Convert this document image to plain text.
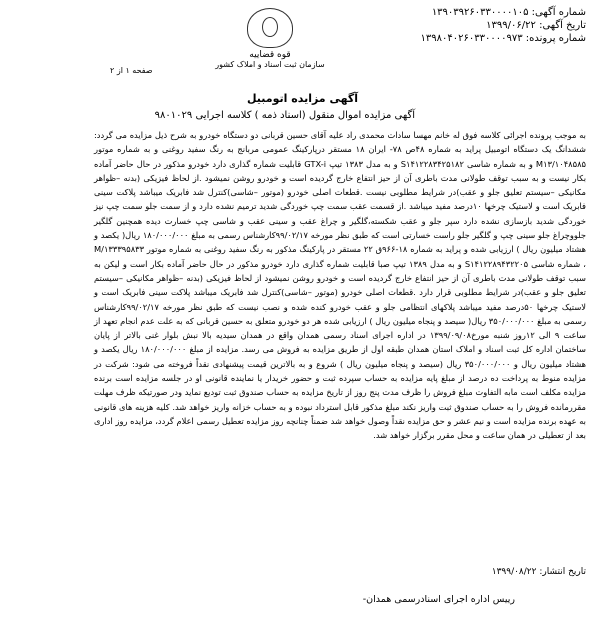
شماره آگهی: ۱۳۹۰۳۹۲۶۰۳۳۰۰۰۰۱۰۵
تاریخ آگهی: ۱۳۹۹/۰۶/۲۲
شماره پرونده: ۱۳۹۸۰۴۰۲۶۰۳۳۰۰۰۰۹۷۳
قوه قضاییه
سازمان ثبت اسناد و املاک کشور
صفحه ۱ از ۲
آگهی مزایده اتومبیل
آگهی مزایده اموال منقول (اسناد ذمه ) کلاسه اجرایی ۹۸۰۱۰۲۹
به موجب پرونده اجرائی کلاسه فوق له خانم مهسا سادات محمدی راد علیه آقای حسین قربانی دو دستگاه خودرو به شرح ذیل مزایده می گردد: ششدانگ یک دستگاه اتومبیل پراید به شماره ۴۸ص ۷۸- ایران ۱۸ مستقر درپارکینگ عمومی مربانج به رنگ سفید روغنی و به شماره موتور M۱۳/۱۰۴۸۵۸۵ و به شماره شاسی S۱۴۱۲۲۸۳۴۲۵۱۸۲ و به مدل ۱۳۸۳ تیپ GTX-i قابلیت شماره گذاری دارد خودرو مذکور در حال حاضر آماده بکار نیست و به سبب توقف طولانی مدت باطری آن از حیز انتفاع خارج گردیده است و خودرو روشن نمیشود .از لحاظ فیزیکی (بدنه –ظواهر مکانیکی –سیستم تعلیق جلو و عقب)در شرایط مطلوبی نیست .قطعات اصلی خودرو (موتور –شاسی)کنترل شد فابریک میباشد پلاکت سینی فابریک است و لاستیک چرخها ۱۰درصد مفید میباشد .از قسمت عقب سمت چپ خوردگی شدید ترمیم نشده دارد و از سمت جلو سمت چپ نیز خوردگی شدید بازسازی نشده دارد سپر جلو و عقب شکسته،گلگیر و چراغ عقب و سینی عقب و شاسی چپ خسارت دیده همچنین گلگیر جلووچراغ جلو سینی چپ و گلگیر جلو راست خسارتی است که طبق نظر مورخه ۹۹/۰۲/۱۷کارشناس رسمی به مبلغ ۱۸۰/۰۰۰/۰۰۰ ریال( یکصد و هشتاد میلیون ریال ) ارزیابی شده و پراید به شماره ۱۸-۹۶۶ق ۲۲ مستقر در پارکینگ مذکور به رنگ سفید روغنی به شماره موتور M/۱۳۳۳۹۵۸۳۳ ، شماره شاسی S۱۴۱۲۲۸۹۴۳۲۲۰۵ و به مدل ۱۳۸۹ تیپ صبا قابلیت شماره گذاری دارد خودرو مذکور در حال حاضر آماده بکار است و لیکن به سبب توقف طولانی مدت باطری آن از حیز انتفاع خارج گردیده است و خودرو روشن نمیشود از لحاظ فیزیکی (بدنه –ظواهر مکانیکی –سیستم تعلیق جلو و عقب)در شرایط مطلوبی قرار دارد .قطعات اصلی خودرو (موتور –شاسی)کنترل شد فابریک میباشد پلاکت سینی فابریک است و لاستیک چرخها ۵۰درصد مفید میباشد پلاکهای انتظامی جلو و عقب خودرو کنده شده و نصب نیست که طبق نظر مورخه ۹۹/۰۲/۱۷کارشناس رسمی به مبلغ ۳۵۰/۰۰۰/۰۰۰ ریال( سیصد و پنجاه میلیون ریال ) ارزیابی شده هر دو خودرو متعلق به حسین قربانی که به علت عدم انجام تعهد از ساعت ۹ الی ۱۲روز شنبه مورخ۱۳۹۹/۰۹/۰۸ در اداره اجرای اسناد رسمی همدان واقع در همدان سیدیه بالا نبش بلوار غنی بالاتر از پایان ساختمان اداره کل ثبت اسناد و املاک استان همدان طبقه اول از طریق مزایده به فروش می رسد. مزایده از مبلغ ۱۸۰/۰۰۰/۰۰۰ ریال یکصد و هشتاد میلیون ریال و ۳۵۰/۰۰۰/۰۰۰ ریال (سیصد و پنجاه میلیون ریال ) شروع و به بالاترین قیمت پیشنهادی نقداً فروخته می شود: شرکت در مزایده منوط به پرداخت ده درصد از مبلغ پایه مزایده به حساب سپرده ثبت و حضور خریدار یا نماینده قانونی او در جلسه مزایده است برنده مزایده مکلف است مابه التفاوت مبلغ فروش را ظرف مدت پنج روز از تاریخ مزایده به حساب صندوق ثبت تودیع نماید ودر صورتیکه ظرف مهلت مقررمانده فروش را به حساب صندوق ثبت واریز نکند مبلغ مذکور قابل استرداد نبوده و به حساب خزانه واریز خواهد شد. کلیه هزینه های قانونی به عهده برنده مزایده است و نیم عشر و حق مزایده نقداً وصول خواهد شد ضمناً چنانچه روز مزایده تعطیل رسمی اعلام گردد، مزایده روز اداری بعد از تعطیلی در همان ساعت و محل مقرر برگزار خواهد شد.
تاریخ انتشار: ۱۳۹۹/۰۸/۲۲
رییس اداره اجرای اسنادرسمی همدان-
